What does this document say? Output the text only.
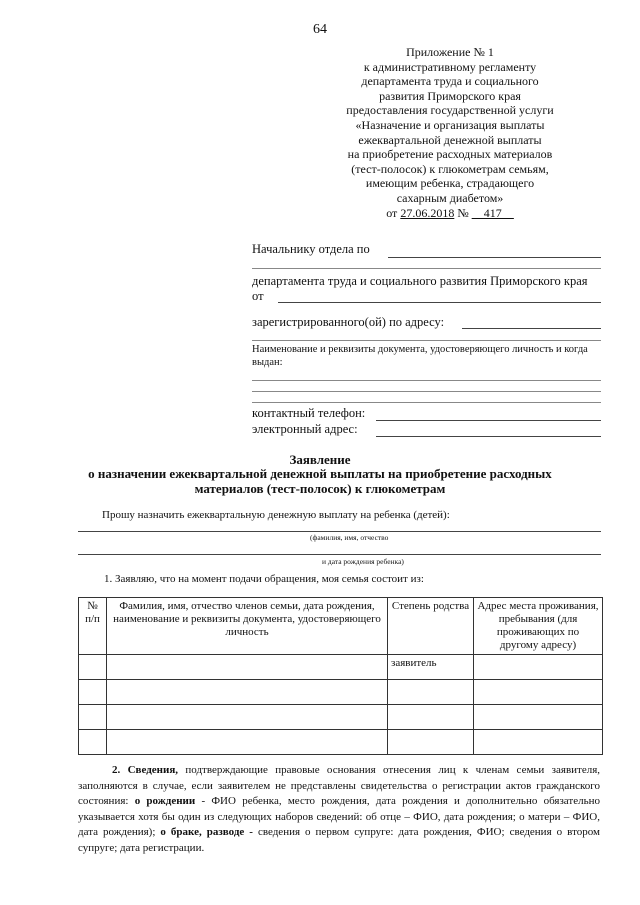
64
Приложение № 1
к административному регламенту
департамента труда и социального
развития Приморского края
предоставления государственной услуги
«Назначение и организация выплаты
ежеквартальной денежной выплаты
на приобретение расходных материалов
(тест-полосок) к глюкометрам семьям,
имеющим ребенка, страдающего
сахарным диабетом»
от 27.06.2018 № __417__
Начальнику отдела по
департамента труда и социального развития Приморского края
от
зарегистрированного(ой) по адресу:
Наименование и реквизиты документа, удостоверяющего личность и когда
выдан:
контактный телефон:
электронный адрес:
Заявление
о назначении ежеквартальной денежной выплаты на приобретение расходных
материалов (тест-полосок) к глюкометрам
Прошу назначить ежеквартальную денежную выплату на ребенка (детей):
(фамилия, имя, отчество
и дата рождения ребенка)
1. Заявляю, что на момент подачи обращения, моя семья состоит из:
№ п/п	Фамилия, имя, отчество членов семьи, дата рождения, наименование и реквизиты документа, удостоверяющего личность	Степень родства	Адрес места проживания, пребывания (для проживающих по другому адресу)
		заявитель	

2. Сведения, подтверждающие правовые основания отнесения лиц к членам семьи заявителя, заполняются в случае, если заявителем не представлены свидетельства о регистрации актов гражданского состояния: о рождении - ФИО ребенка, место рождения, дата рождения и дополнительно обязательно указывается хотя бы один из следующих наборов сведений: об отце – ФИО, дата рождения; о матери – ФИО, дата рождения); о браке, разводе - сведения о первом супруге: дата рождения, ФИО; сведения о втором супруге; дата регистрации.
